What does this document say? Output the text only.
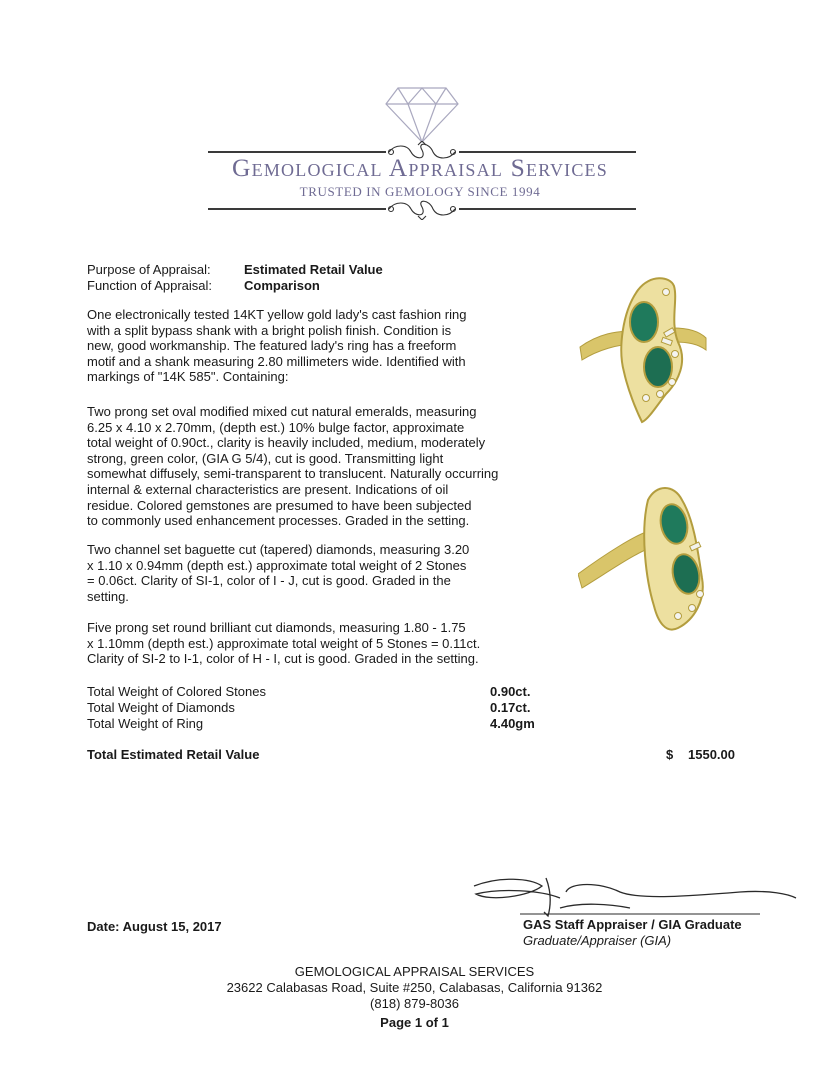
Gemological Appraisal Services
TRUSTED IN GEMOLOGY SINCE 1994
Purpose of Appraisal:	Estimated Retail Value
Function of Appraisal: Comparison
One electronically tested 14KT yellow gold lady's cast fashion ring
with a split bypass shank with a bright polish finish. Condition is
new, good workmanship. The featured lady's ring has a freeform
motif and a shank measuring 2.80 millimeters wide. Identified with
markings of "14K 585". Containing:
Two prong set oval modified mixed cut natural emeralds, measuring
6.25 x 4.10 x 2.70mm, (depth est.) 10% bulge factor, approximate
total weight of 0.90ct., clarity is heavily included, medium, moderately
strong, green color, (GIA G 5/4), cut is good. Transmitting light
somewhat diffusely, semi-transparent to translucent. Naturally occurring
internal & external characteristics are present. Indications of oil
residue. Colored gemstones are presumed to have been subjected
to commonly used enhancement processes. Graded in the setting.
Two channel set baguette cut (tapered) diamonds, measuring 3.20
x 1.10 x 0.94mm (depth est.) approximate total weight of 2 Stones
= 0.06ct. Clarity of SI-1, color of I - J, cut is good. Graded in the
setting.
Five prong set round brilliant cut diamonds, measuring 1.80 - 1.75
x 1.10mm (depth est.) approximate total weight of 5 Stones = 0.11ct.
Clarity of SI-2 to I-1, color of H - I, cut is good. Graded in the setting.
Total Weight of Colored Stones	0.90ct.
Total Weight of Diamonds	0.17ct.
Total Weight of Ring	4.40gm
Total Estimated Retail Value	$ 1550.00
Date: August 15, 2017	GAS Staff Appraiser / GIA Graduate
Graduate/Appraiser (GIA)
GEMOLOGICAL APPRAISAL SERVICES
23622 Calabasas Road, Suite #250, Calabasas, California 91362
(818) 879-8036
Page 1 of 1
